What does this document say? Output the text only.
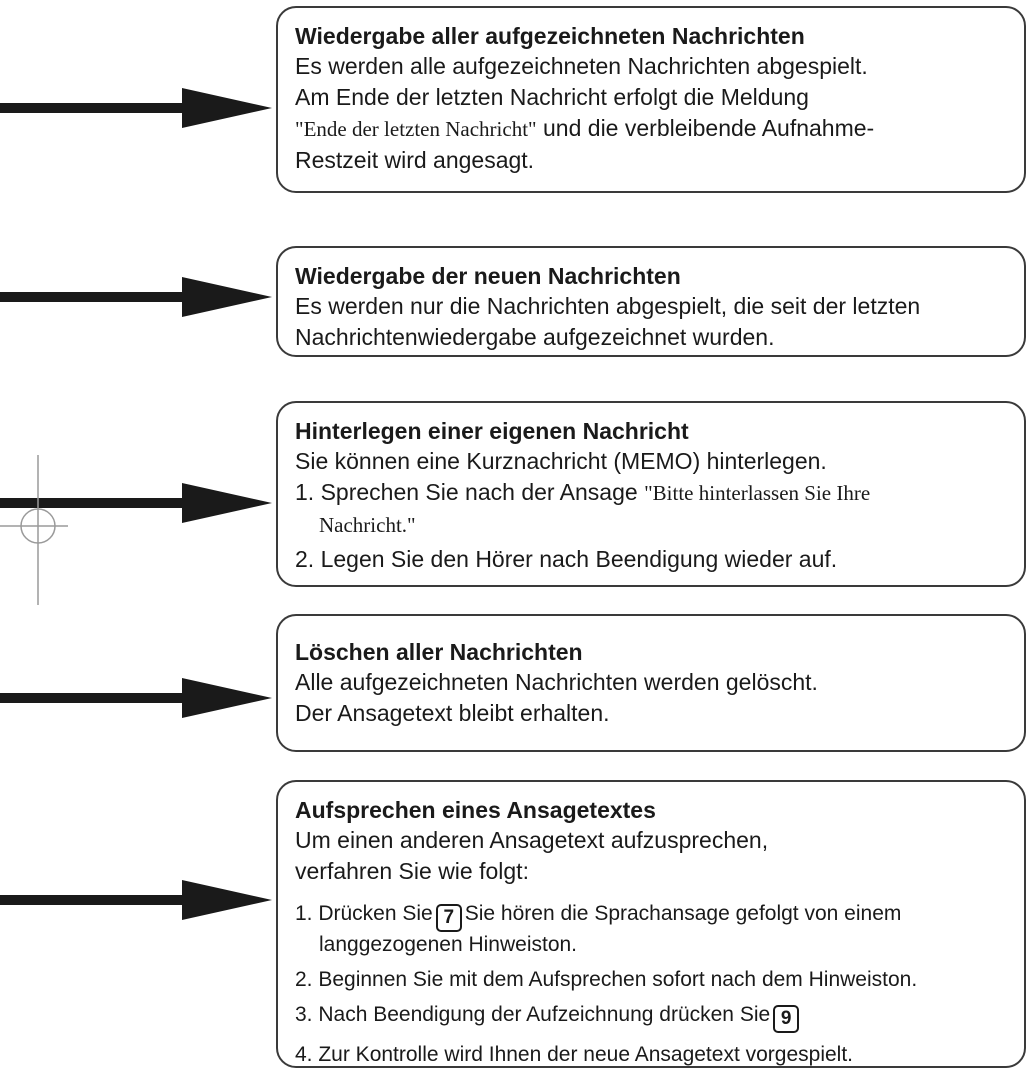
Wiedergabe aller aufgezeichneten Nachrichten
Es werden alle aufgezeichneten Nachrichten abgespielt.
Am Ende der letzten Nachricht erfolgt die Meldung
"Ende der letzten Nachricht" und die verbleibende Aufnahme-
Restzeit wird angesagt.
Wiedergabe der neuen Nachrichten
Es werden nur die Nachrichten abgespielt, die seit der letzten
Nachrichtenwiedergabe aufgezeichnet wurden.
Hinterlegen einer eigenen Nachricht
Sie können eine Kurznachricht (MEMO) hinterlegen.
1. Sprechen Sie nach der Ansage "Bitte hinterlassen Sie Ihre
Nachricht."
2. Legen Sie den Hörer nach Beendigung wieder auf.
Löschen aller Nachrichten
Alle aufgezeichneten Nachrichten werden gelöscht.
Der Ansagetext bleibt erhalten.
Aufsprechen eines Ansagetextes
Um einen anderen Ansagetext aufzusprechen,
verfahren Sie wie folgt:
1. Drücken Sie 7 Sie hören die Sprachansage gefolgt von einem
langgezogenen Hinweiston.
2. Beginnen Sie mit dem Aufsprechen sofort nach dem Hinweiston.
3. Nach Beendigung der Aufzeichnung drücken Sie 9
4. Zur Kontrolle wird Ihnen der neue Ansagetext vorgespielt.
